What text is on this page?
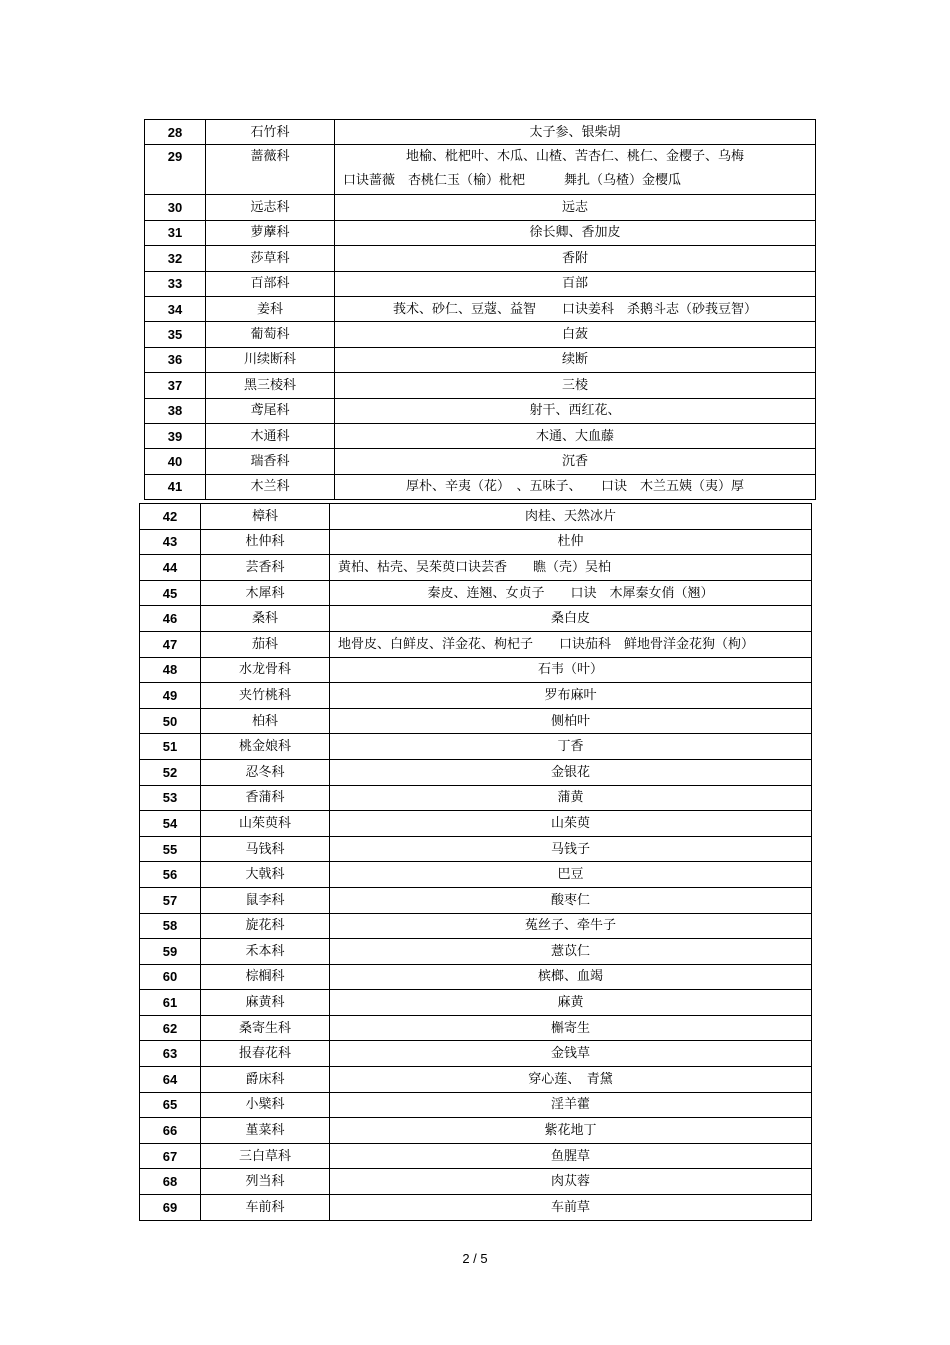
28	石竹科	太子参、银柴胡
29	蔷薇科	地榆、枇杷叶、木瓜、山楂、苦杏仁、桃仁、金樱子、乌梅
口诀蔷薇　杏桃仁玉（榆）枇杷　　　舞扎（乌楂）金樱瓜

30	远志科	远志
31	萝藦科	徐长卿、香加皮
32	莎草科	香附
33	百部科	百部
34	姜科	莪术、砂仁、豆蔻、益智　　口诀姜科　杀鹅斗志（砂莪豆智）
35	葡萄科	白蔹
36	川续断科	续断
37	黑三棱科	三棱
38	鸢尾科	射干、西红花、
39	木通科	木通、大血藤
40	瑞香科	沉香
41	木兰科	厚朴、辛夷（花）　、五味子、　　口诀　木兰五姨（夷）厚
42	樟科	肉桂、天然冰片
43	杜仲科	杜仲
44	芸香科	黄柏、枯壳、吴茱萸口诀芸香　　瞧（壳）吴柏
45	木犀科	秦皮、连翘、女贞子　　口诀　木犀秦女俏（翘）
46	桑科	桑白皮
47	茄科	地骨皮、白鲜皮、洋金花、枸杞子　　口诀茄科　鲜地骨洋金花狗（枸）
48	水龙骨科	石韦（叶）
49	夹竹桃科	罗布麻叶
50	柏科	侧柏叶
51	桃金娘科	丁香
52	忍冬科	金银花
53	香蒲科	蒲黄
54	山茱萸科	山茱萸
55	马钱科	马钱子
56	大戟科	巴豆
57	鼠李科	酸枣仁
58	旋花科	菟丝子、牵牛子
59	禾本科	薏苡仁
60	棕榈科	槟榔、血竭
61	麻黄科	麻黄
62	桑寄生科	槲寄生
63	报春花科	金钱草
64	爵床科	穿心莲、　青黛
65	小檗科	淫羊藿
66	堇菜科	紫花地丁
67	三白草科	鱼腥草
68	列当科	肉苁蓉
69	车前科	车前草
2 / 5
